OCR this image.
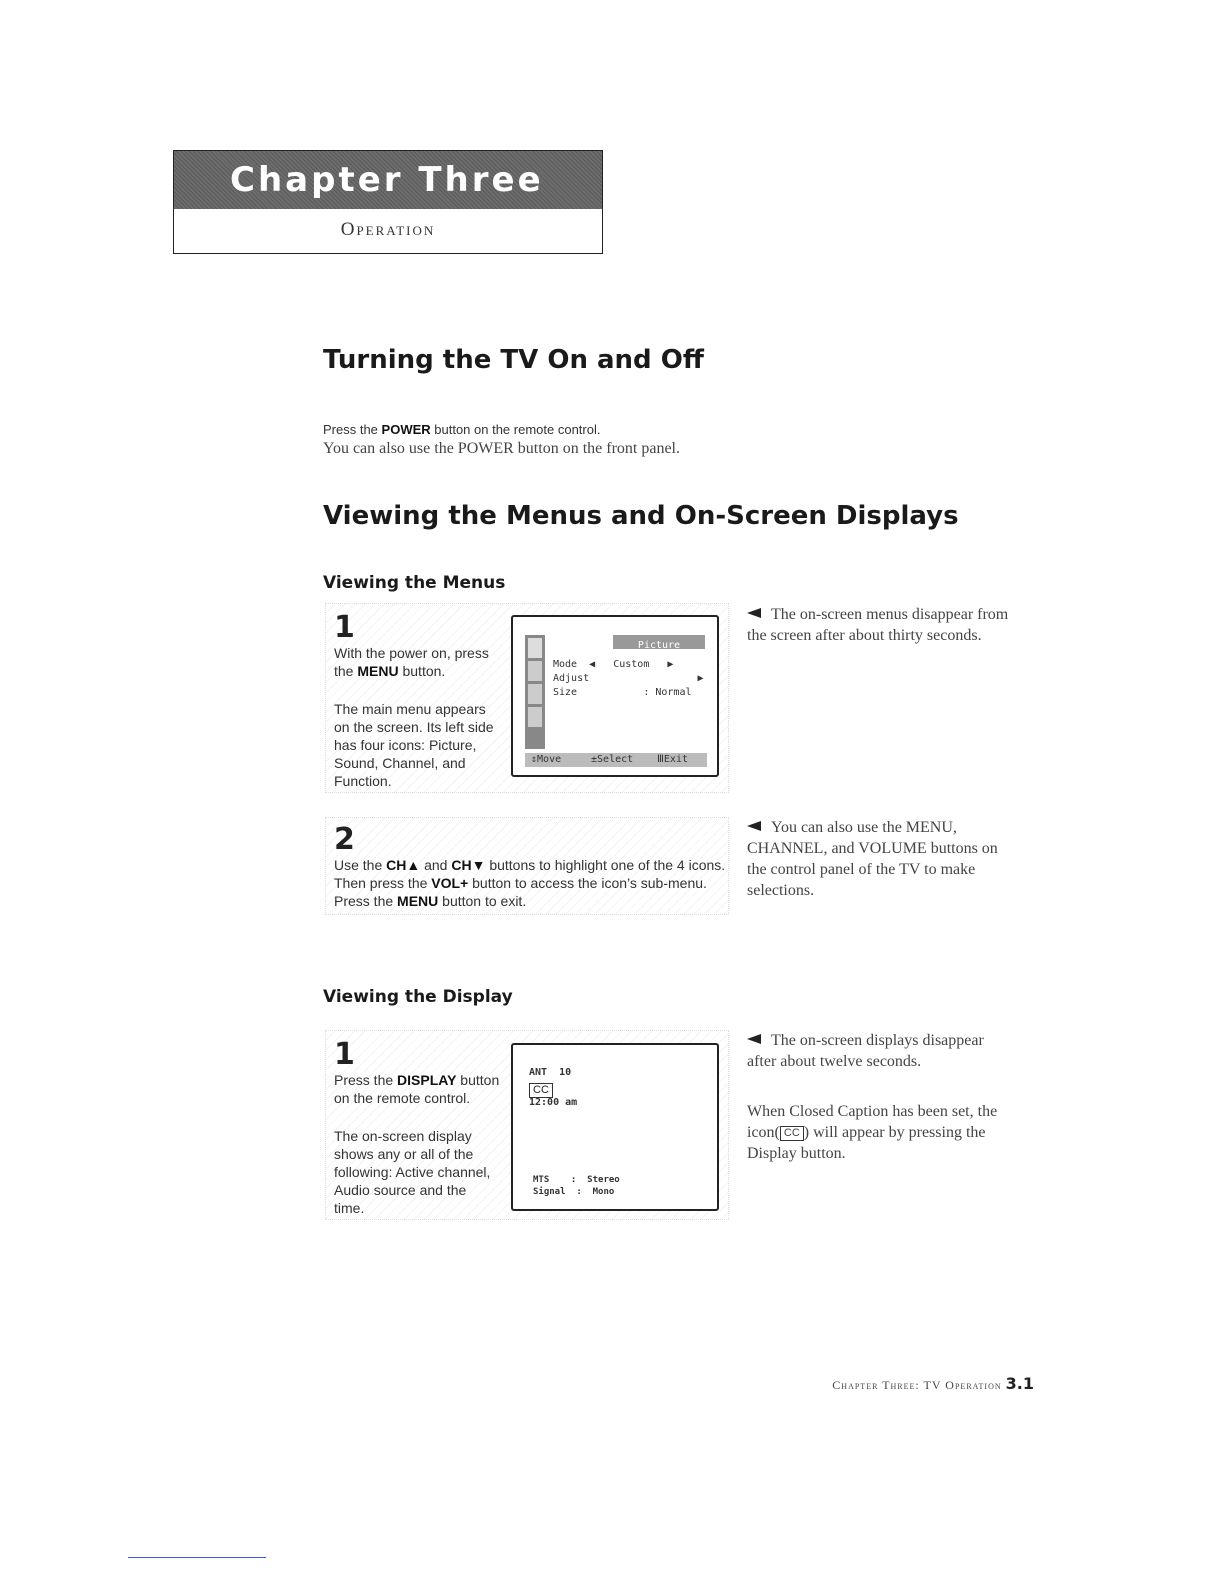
Chapter Three
Operation
Turning the TV On and Off

Press the POWER button on the remote control.

You can also use the POWER button on the front panel.

Viewing the Menus and On-Screen Displays
Viewing the Menus
1
With the power on, press
the MENU button.
The main menu appears
on the screen. Its left side
has four icons: Picture,
Sound, Channel, and
Function.
Picture
Mode  ◀   Custom   ▶
Adjust                  ▶
Size	: Normal
⇕Move	±Select ⅢExit

The on-screen menus disappear from the screen after about thirty seconds.

2
Use the CH▲ and CH▼ buttons to highlight one of the 4 icons.
Then press the VOL+ button to access the icon’s sub-menu.
Press the MENU button to exit.

You can also use the MENU, CHANNEL, and VOLUME buttons on the control panel of the TV to make selections.

Viewing the Display
1
Press the DISPLAY button
on the remote control.
The on-screen display
shows any or all of the
following: Active channel,
Audio source and the
time.
ANT  10
CC
12:00 am
MTS    :  Stereo
Signal  :  Mono

The on-screen displays disappear after about twelve seconds.

When Closed Caption has been set, the icon( CC ) will appear by pressing the Display button.

Chapter Three: TV Operation 3.1
